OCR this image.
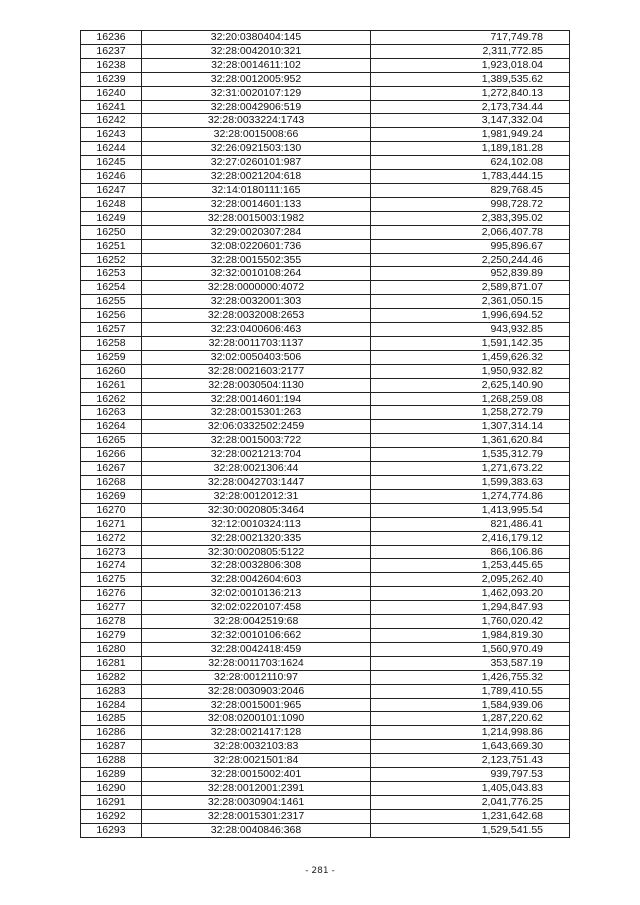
16236	32:20:0380404:145	717,749.78
16237	32:28:0042010:321	2,311,772.85
16238	32:28:0014611:102	1,923,018.04
16239	32:28:0012005:952	1,389,535.62
16240	32:31:0020107:129	1,272,840.13
16241	32:28:0042906:519	2,173,734.44
16242	32:28:0033224:1743	3,147,332.04
16243	32:28:0015008:66	1,981,949.24
16244	32:26:0921503:130	1,189,181.28
16245	32:27:0260101:987	624,102.08
16246	32:28:0021204:618	1,783,444.15
16247	32:14:0180111:165	829,768.45
16248	32:28:0014601:133	998,728.72
16249	32:28:0015003:1982	2,383,395.02
16250	32:29:0020307:284	2,066,407.78
16251	32:08:0220601:736	995,896.67
16252	32:28:0015502:355	2,250,244.46
16253	32:32:0010108:264	952,839.89
16254	32:28:0000000:4072	2,589,871.07
16255	32:28:0032001:303	2,361,050.15
16256	32:28:0032008:2653	1,996,694.52
16257	32:23:0400606:463	943,932.85
16258	32:28:0011703:1137	1,591,142.35
16259	32:02:0050403:506	1,459,626.32
16260	32:28:0021603:2177	1,950,932.82
16261	32:28:0030504:1130	2,625,140.90
16262	32:28:0014601:194	1,268,259.08
16263	32:28:0015301:263	1,258,272.79
16264	32:06:0332502:2459	1,307,314.14
16265	32:28:0015003:722	1,361,620.84
16266	32:28:0021213:704	1,535,312.79
16267	32:28:0021306:44	1,271,673.22
16268	32:28:0042703:1447	1,599,383.63
16269	32:28:0012012:31	1,274,774.86
16270	32:30:0020805:3464	1,413,995.54
16271	32:12:0010324:113	821,486.41
16272	32:28:0021320:335	2,416,179.12
16273	32:30:0020805:5122	866,106.86
16274	32:28:0032806:308	1,253,445.65
16275	32:28:0042604:603	2,095,262.40
16276	32:02:0010136:213	1,462,093.20
16277	32:02:0220107:458	1,294,847.93
16278	32:28:0042519:68	1,760,020.42
16279	32:32:0010106:662	1,984,819.30
16280	32:28:0042418:459	1,560,970.49
16281	32:28:0011703:1624	353,587.19
16282	32:28:0012110:97	1,426,755.32
16283	32:28:0030903:2046	1,789,410.55
16284	32:28:0015001:965	1,584,939.06
16285	32:08:0200101:1090	1,287,220.62
16286	32:28:0021417:128	1,214,998.86
16287	32:28:0032103:83	1,643,669.30
16288	32:28:0021501:84	2,123,751.43
16289	32:28:0015002:401	939,797.53
16290	32:28:0012001:2391	1,405,043.83
16291	32:28:0030904:1461	2,041,776.25
16292	32:28:0015301:2317	1,231,642.68
16293	32:28:0040846:368	1,529,541.55
- 281 -
